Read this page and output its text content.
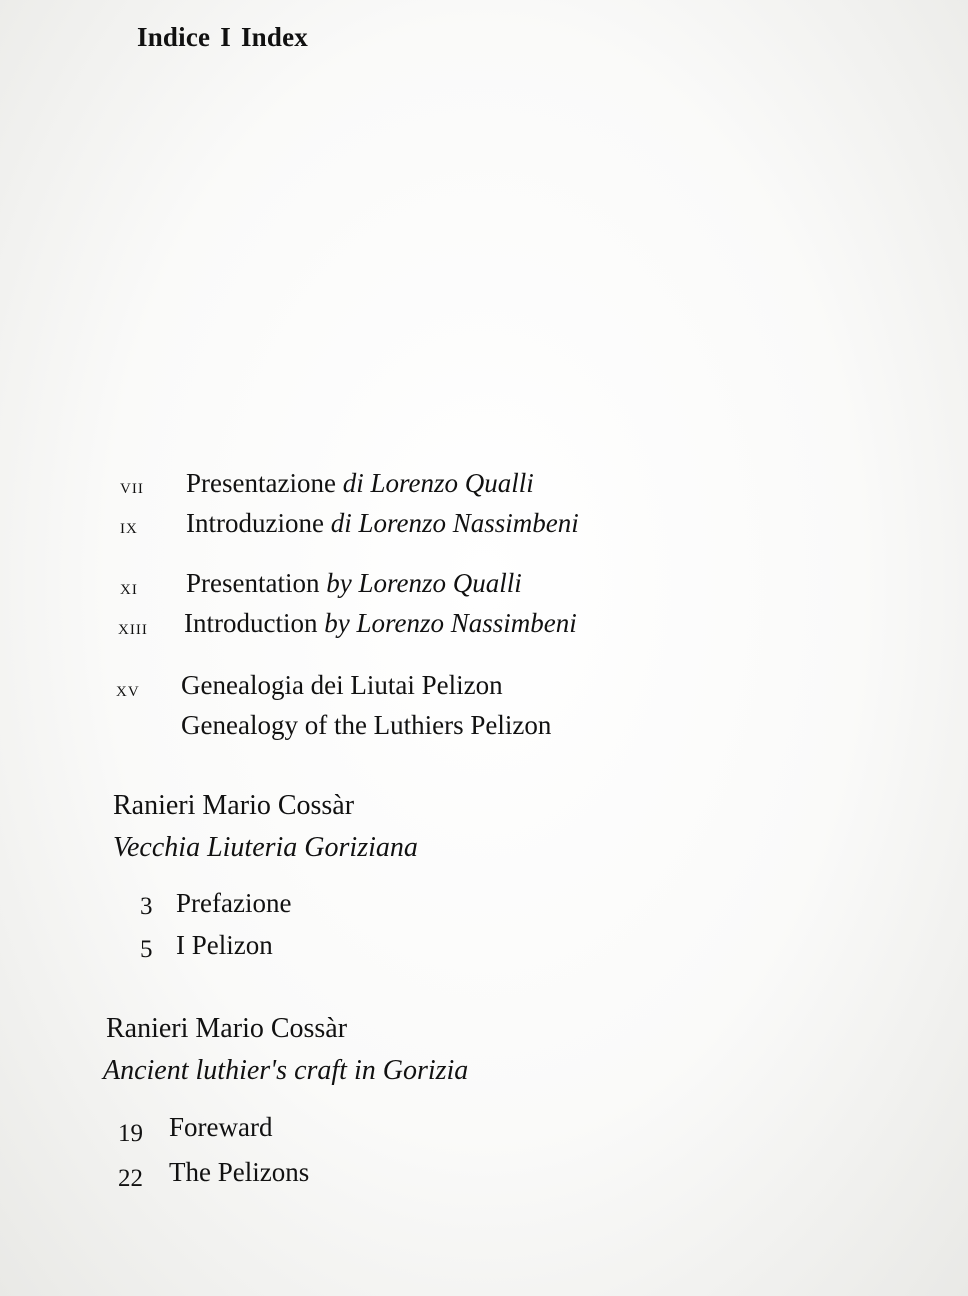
Indice I Index
vii Presentazione di Lorenzo Qualli
ix Introduzione di Lorenzo Nassimbeni
xi Presentation by Lorenzo Qualli
xiii Introduction by Lorenzo Nassimbeni
xv Genealogia dei Liutai Pelizon
Genealogy of the Luthiers Pelizon
Ranieri Mario Cossàr
Vecchia Liuteria Goriziana
3 Prefazione
5 I Pelizon
Ranieri Mario Cossàr
Ancient luthier's craft in Gorizia
19 Foreward
22 The Pelizons
